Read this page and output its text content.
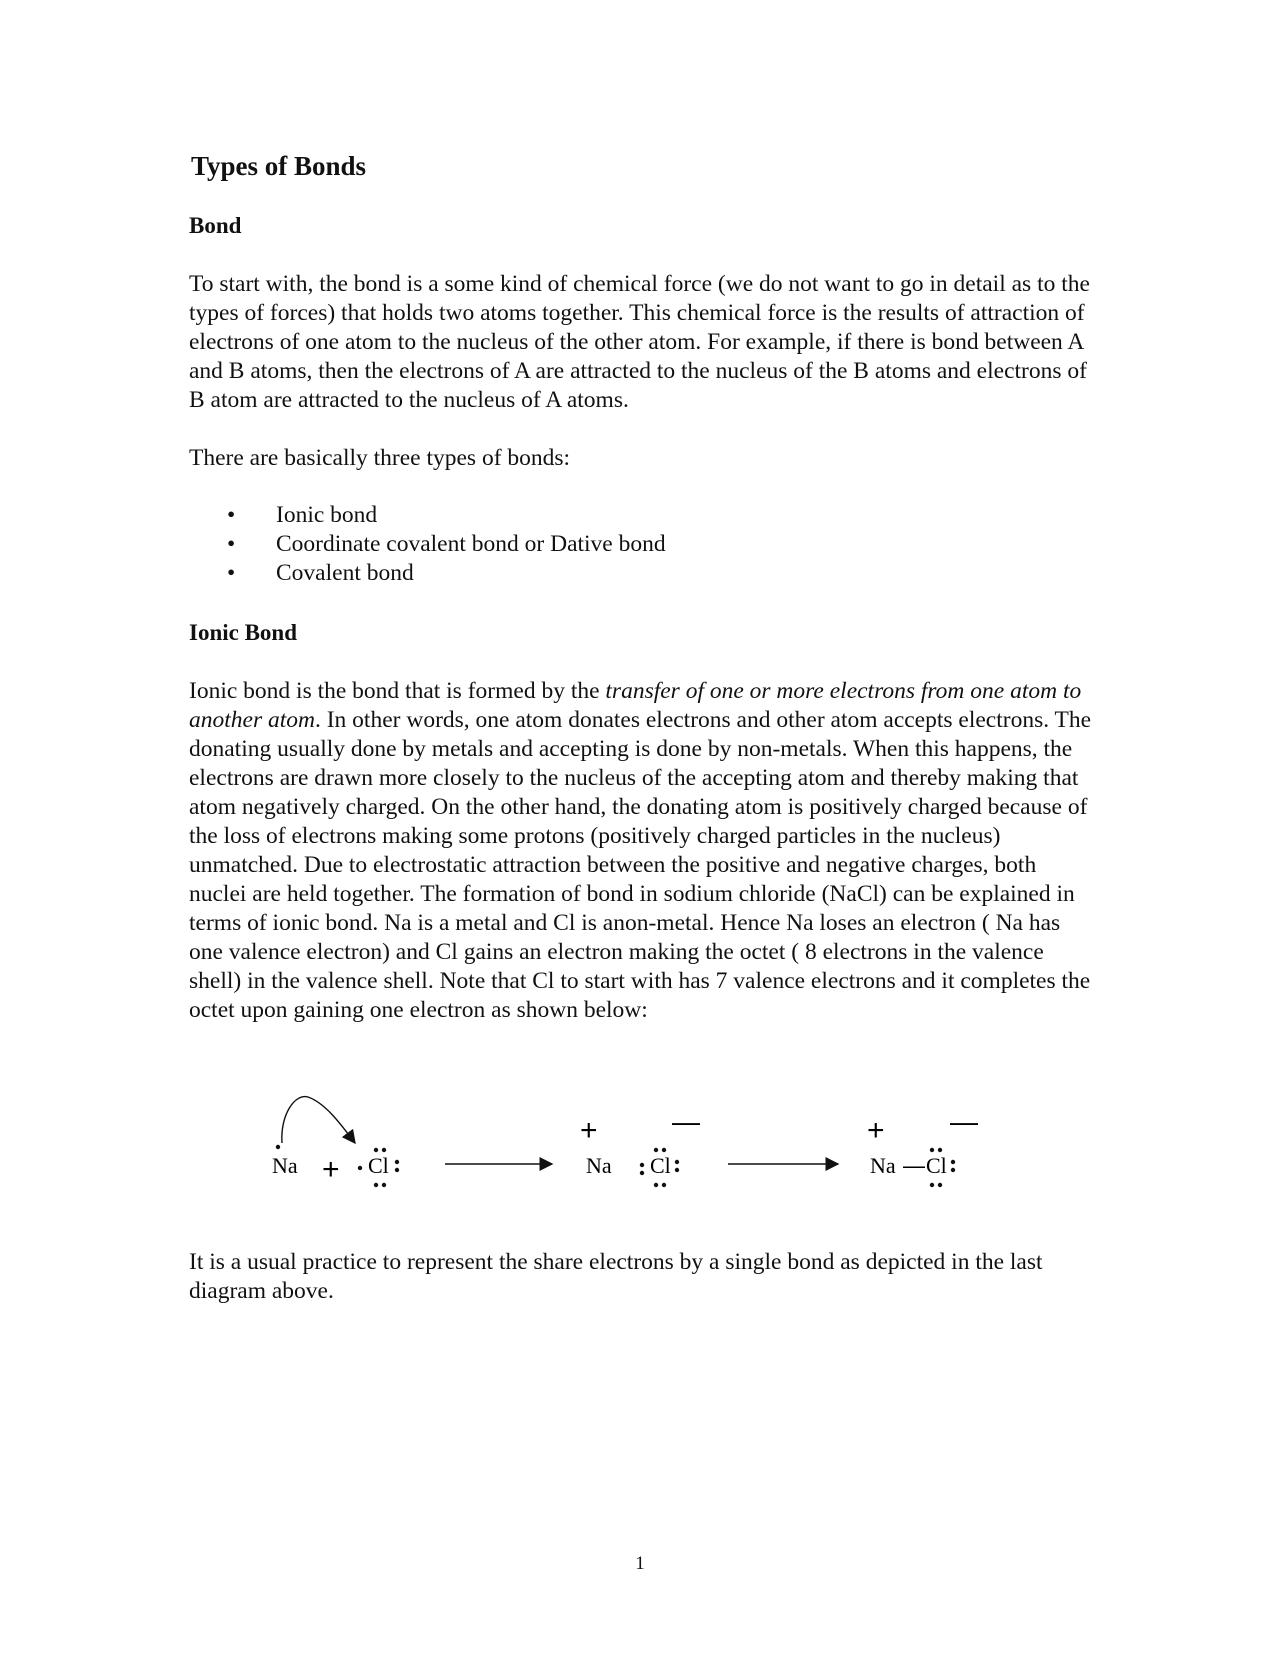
Types of Bonds
Bond

To start with, the bond is a some kind of chemical force (we do not want to go in detail as to the types of forces) that holds two atoms together. This chemical force is the results of attraction of electrons of one atom to the nucleus of the other atom. For example, if there is bond between A and B atoms, then the electrons of A are attracted to the nucleus of the B atoms and electrons of B atom are attracted to the nucleus of A atoms.

There are basically three types of bonds:

• Ionic bond
• Coordinate covalent bond or Dative bond
• Covalent bond
Ionic Bond

Ionic bond is the bond that is formed by the transfer of one or more electrons from one atom to another atom. In other words, one atom donates electrons and other atom accepts electrons. The donating usually done by metals and accepting is done by non-metals. When this happens, the electrons are drawn more closely to the nucleus of the accepting atom and thereby making that atom negatively charged. On the other hand, the donating atom is positively charged because of the loss of electrons making some protons (positively charged particles in the nucleus) unmatched. Due to electrostatic attraction between the positive and negative charges, both nuclei are held together. The formation of bond in sodium chloride (NaCl) can be explained in terms of ionic bond. Na is a metal and Cl is anon-metal. Hence Na loses an electron ( Na has one valence electron) and Cl gains an electron making the octet ( 8 electrons in the valence shell) in the valence shell. Note that Cl to start with has 7 valence electrons and it completes the octet upon gaining one electron as shown below:

Na + Cl
+
Na Cl
—	+
Na — Cl
—

It is a usual practice to represent the share electrons by a single bond as depicted in the last diagram above.

1
